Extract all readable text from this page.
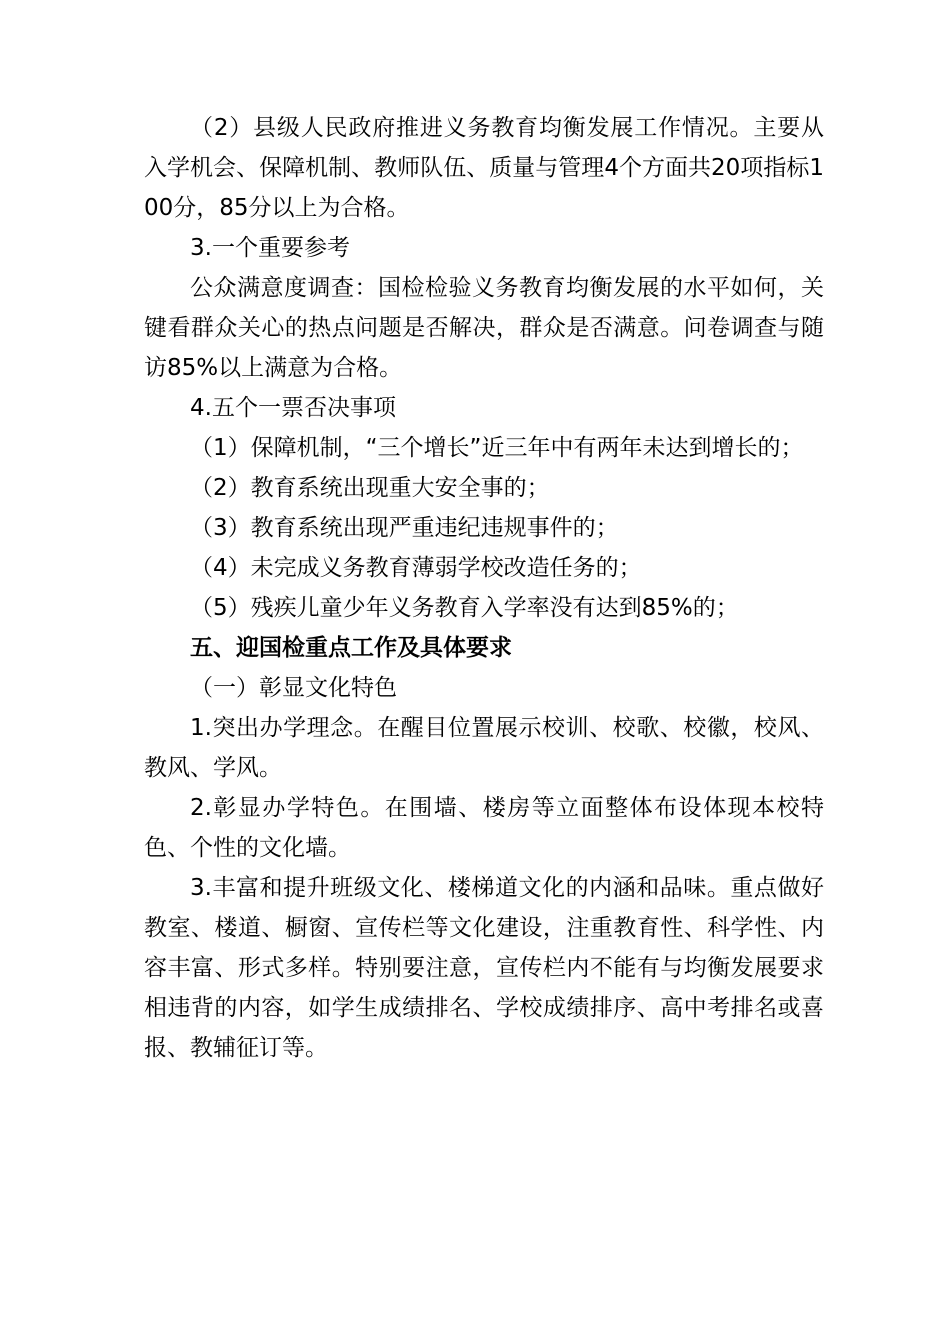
（2）县级人民政府推进义务教育均衡发展工作情况。主要从入学机会、保障机制、教师队伍、质量与管理4个方面共20项指标100分，85分以上为合格。

3.一个重要参考

公众满意度调查：国检检验义务教育均衡发展的水平如何，关键看群众关心的热点问题是否解决，群众是否满意。问卷调查与随访85%以上满意为合格。

4.五个一票否决事项

（1）保障机制，“三个增长”近三年中有两年未达到增长的；

（2）教育系统出现重大安全事的；

（3）教育系统出现严重违纪违规事件的；

（4）未完成义务教育薄弱学校改造任务的；

（5）残疾儿童少年义务教育入学率没有达到85%的；

五、迎国检重点工作及具体要求

（一）彰显文化特色

1.突出办学理念。在醒目位置展示校训、校歌、校徽，校风、教风、学风。

2.彰显办学特色。在围墙、楼房等立面整体布设体现本校特色、个性的文化墙。

3.丰富和提升班级文化、楼梯道文化的内涵和品味。重点做好教室、楼道、橱窗、宣传栏等文化建设，注重教育性、科学性、内容丰富、形式多样。特别要注意，宣传栏内不能有与均衡发展要求相违背的内容，如学生成绩排名、学校成绩排序、高中考排名或喜报、教辅征订等。
